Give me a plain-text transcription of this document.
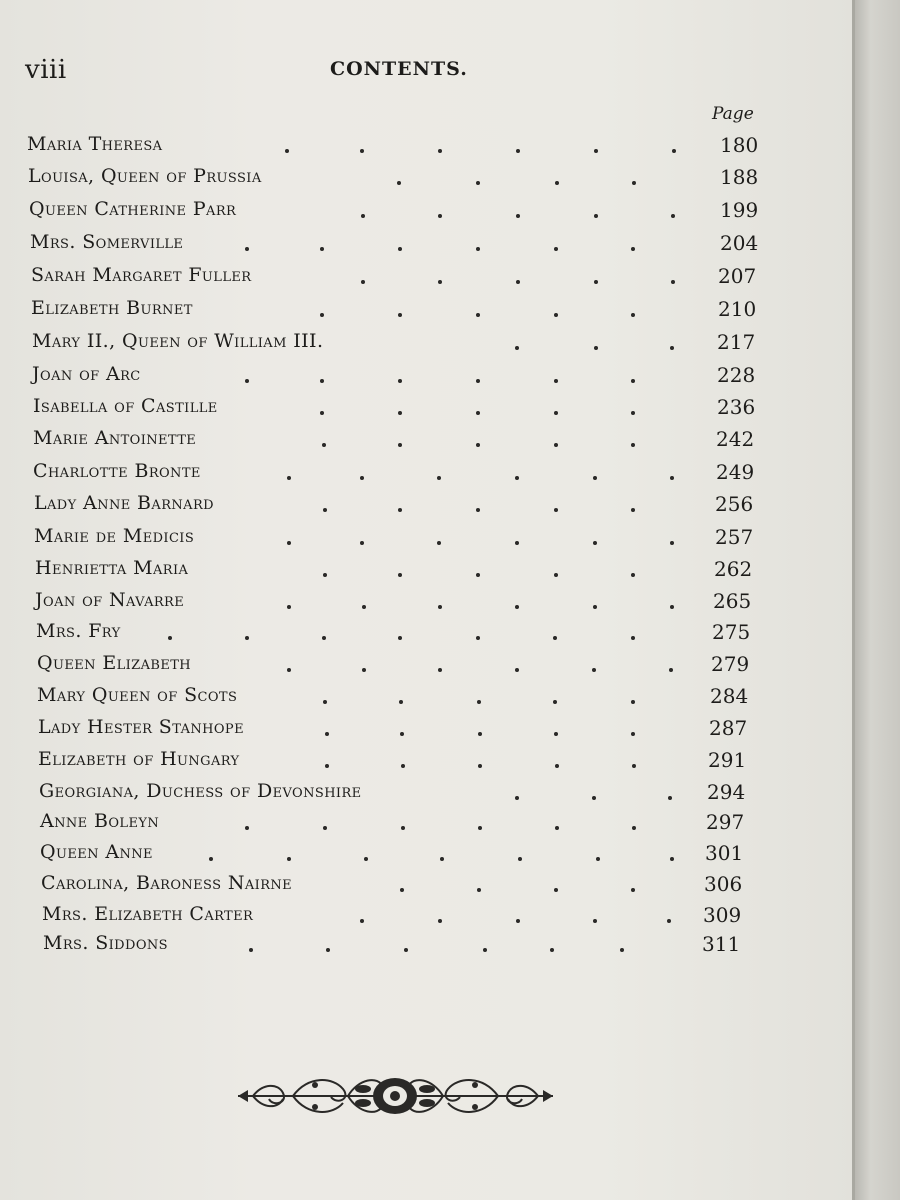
viii	CONTENTS.
Page
Maria Theresa	180
Louisa, Queen of Prussia	188
Queen Catherine Parr	199
Mrs. Somerville	204
Sarah Margaret Fuller	207
Elizabeth Burnet	210
Mary II., Queen of William III.	217
Joan of Arc	228
Isabella of Castille	236
Marie Antoinette	242
Charlotte Bronte	249
Lady Anne Barnard	256
Marie de Medicis	257
Henrietta Maria	262
Joan of Navarre	265
Mrs. Fry	275
Queen Elizabeth	279
Mary Queen of Scots	284
Lady Hester Stanhope	287
Elizabeth of Hungary	291
Georgiana, Duchess of Devonshire	294
Anne Boleyn	297
Queen Anne	301
Carolina, Baroness Nairne	306
Mrs. Elizabeth Carter	309
Mrs. Siddons	311
